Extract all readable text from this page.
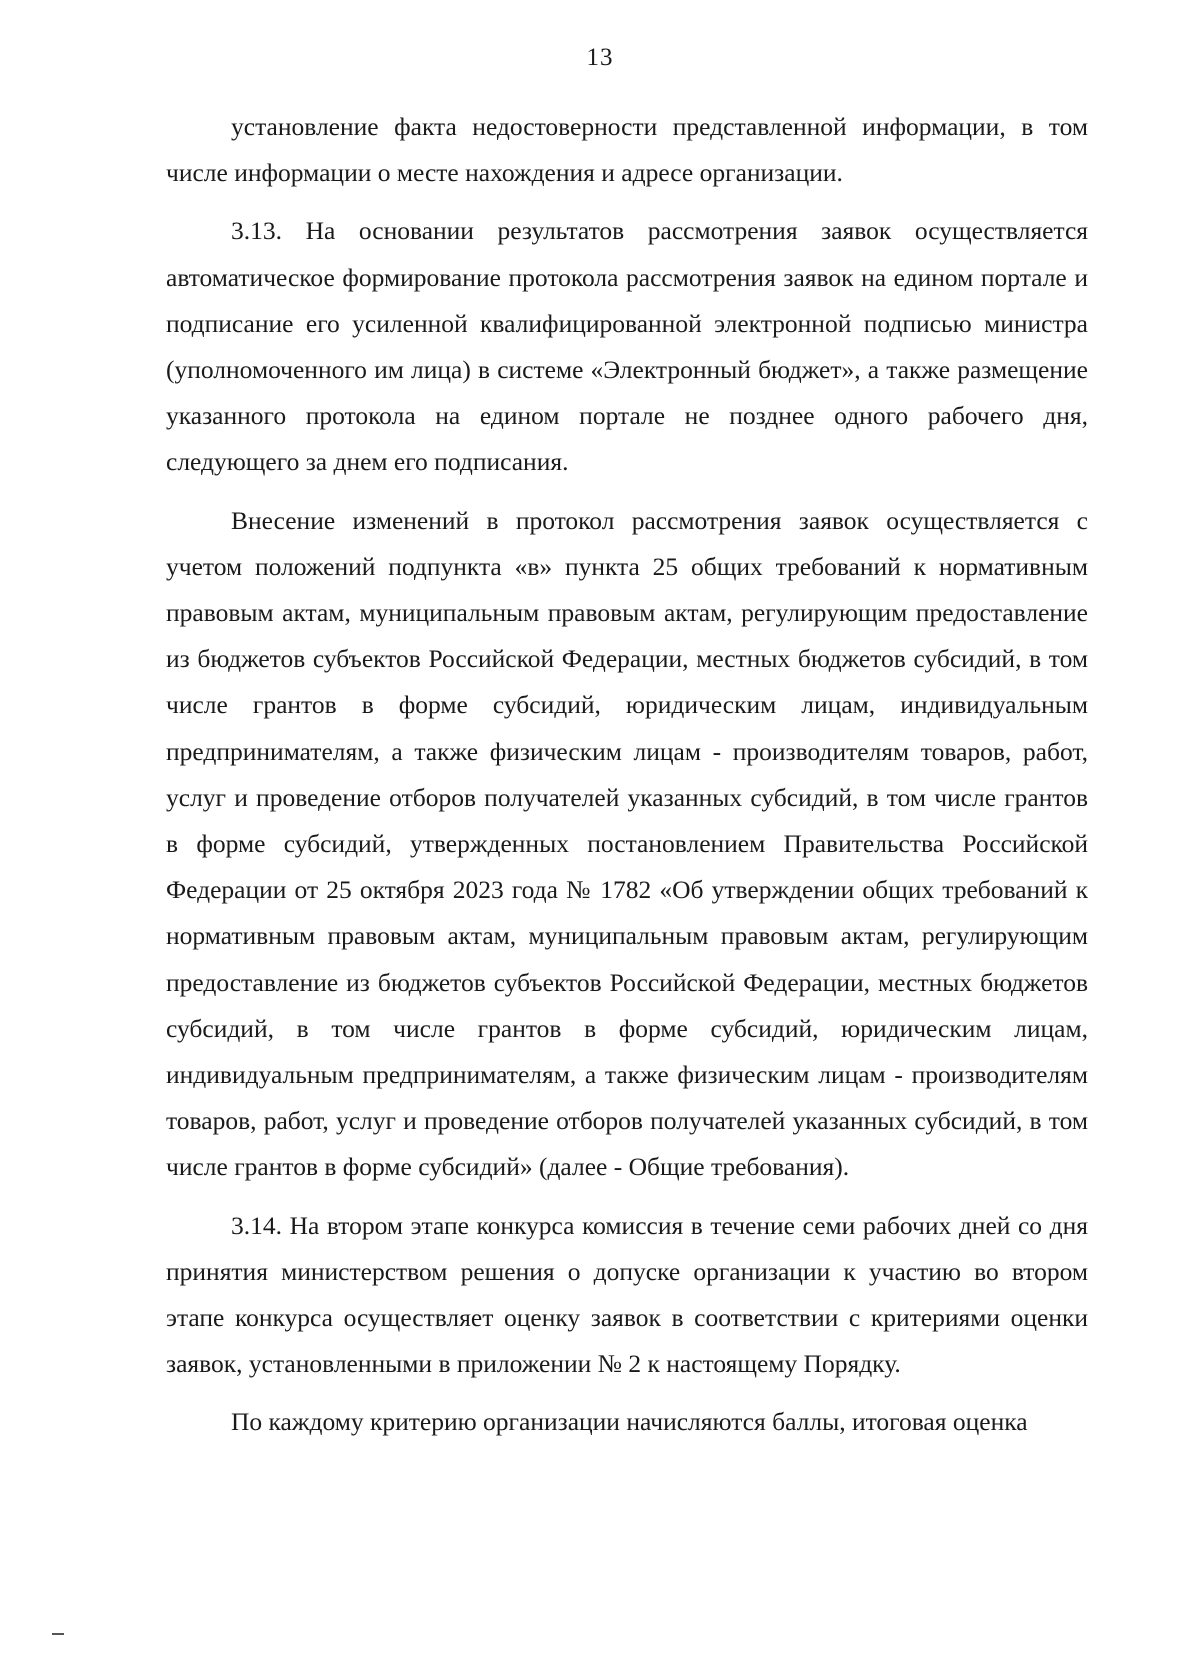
13

установление факта недостоверности представленной информации, в том числе информации о месте нахождения и адресе организации.

3.13. На основании результатов рассмотрения заявок осуществляется автоматическое формирование протокола рассмотрения заявок на едином портале и подписание его усиленной квалифицированной электронной подписью министра (уполномоченного им лица) в системе «Электронный бюджет», а также размещение указанного протокола на едином портале не позднее одного рабочего дня, следующего за днем его подписания.

Внесение изменений в протокол рассмотрения заявок осуществляется с учетом положений подпункта «в» пункта 25 общих требований к нормативным правовым актам, муниципальным правовым актам, регулирующим предоставление из бюджетов субъектов Российской Федерации, местных бюджетов субсидий, в том числе грантов в форме субсидий, юридическим лицам, индивидуальным предпринимателям, а также физическим лицам - производителям товаров, работ, услуг и проведение отборов получателей указанных субсидий, в том числе грантов в форме субсидий, утвержденных постановлением Правительства Российской Федерации от 25 октября 2023 года № 1782 «Об утверждении общих требований к нормативным правовым актам, муниципальным правовым актам, регулирующим предоставление из бюджетов субъектов Российской Федерации, местных бюджетов субсидий, в том числе грантов в форме субсидий, юридическим лицам, индивидуальным предпринимателям, а также физическим лицам - производителям товаров, работ, услуг и проведение отборов получателей указанных субсидий, в том числе грантов в форме субсидий» (далее - Общие требования).

3.14. На втором этапе конкурса комиссия в течение семи рабочих дней со дня принятия министерством решения о допуске организации к участию во втором этапе конкурса осуществляет оценку заявок в соответствии с критериями оценки заявок, установленными в приложении № 2 к настоящему Порядку.

По каждому критерию организации начисляются баллы, итоговая оценка
